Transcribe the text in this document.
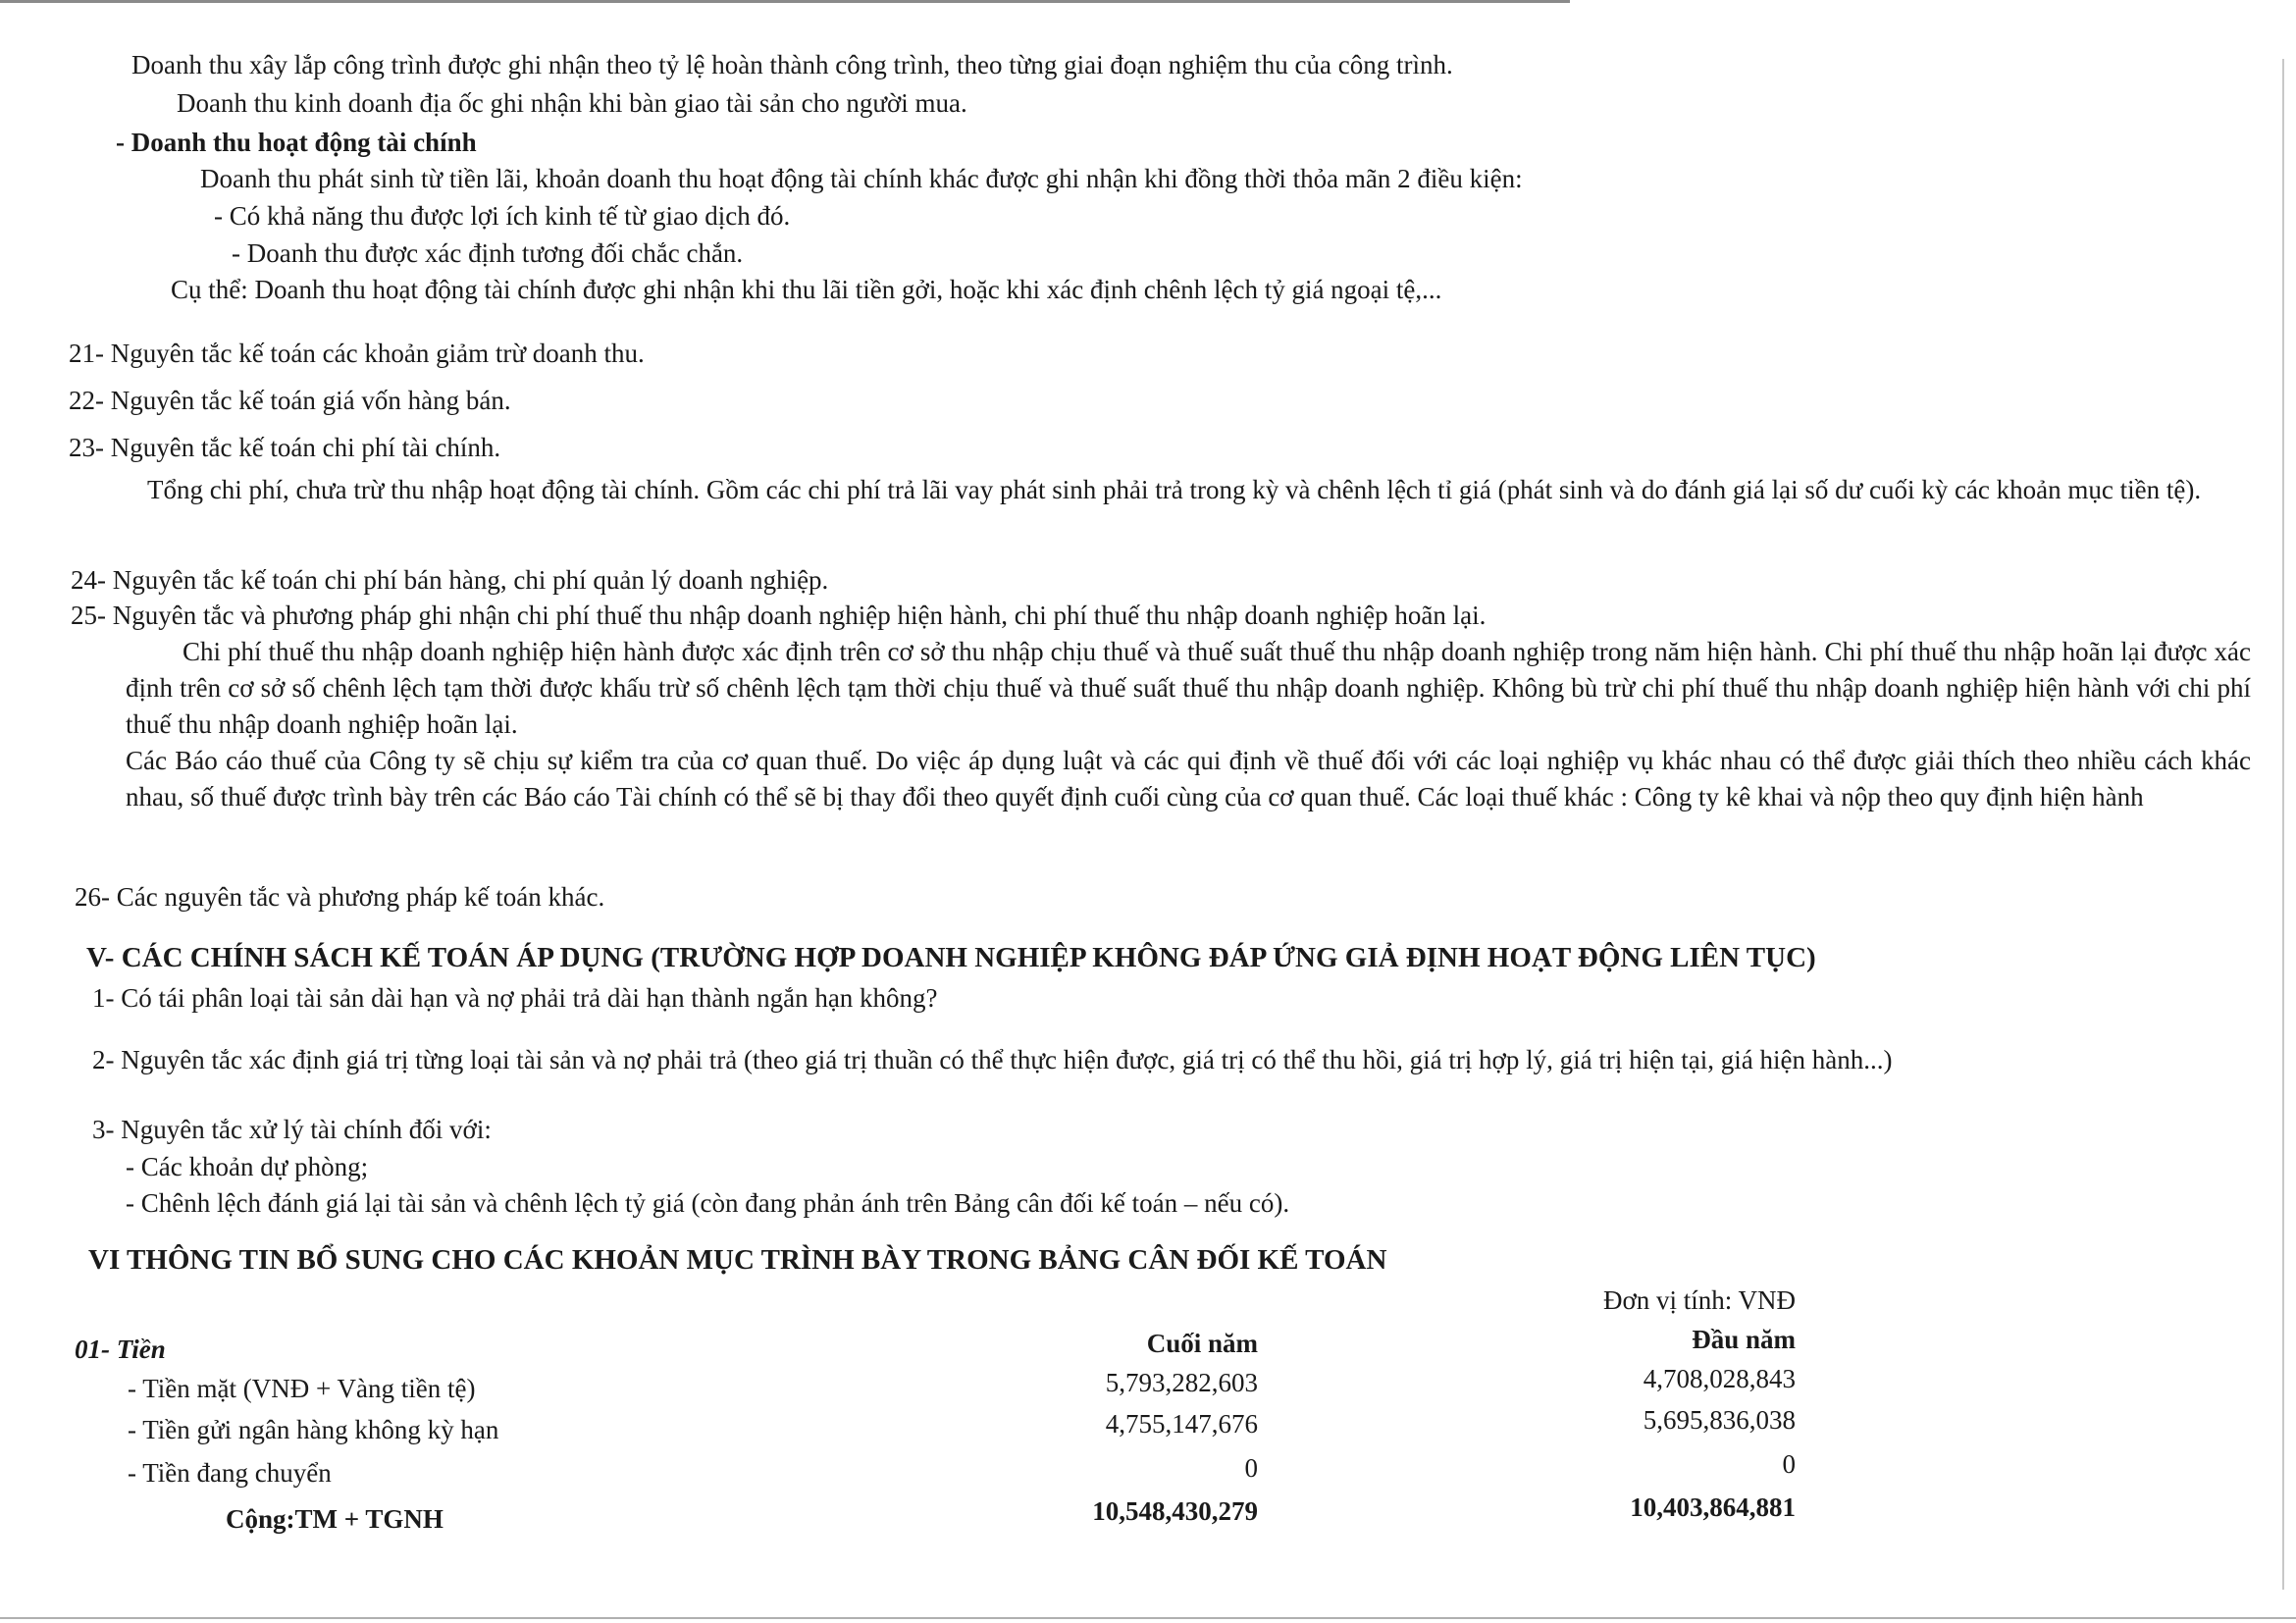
Doanh thu xây lắp công trình được ghi nhận theo tỷ lệ hoàn thành công trình, theo từng giai đoạn nghiệm thu của công trình.
Doanh thu kinh doanh địa ốc ghi nhận khi bàn giao tài sản cho người mua.
- Doanh thu hoạt động tài chính
Doanh thu phát sinh từ tiền lãi, khoản doanh thu hoạt động tài chính khác được ghi nhận khi đồng thời thỏa mãn 2 điều kiện:
- Có khả năng thu được lợi ích kinh tế từ giao dịch đó.
- Doanh thu được xác định tương đối chắc chắn.
Cụ thể: Doanh thu hoạt động tài chính được ghi nhận khi thu lãi tiền gởi, hoặc khi xác định chênh lệch tỷ giá ngoại tệ,...
21- Nguyên tắc kế toán các khoản giảm trừ doanh thu.
22- Nguyên tắc kế toán giá vốn hàng bán.
23- Nguyên tắc kế toán chi phí tài chính.
Tổng chi phí, chưa trừ thu nhập hoạt động tài chính. Gồm các chi phí trả lãi vay phát sinh phải trả trong kỳ và chênh lệch tỉ giá (phát sinh và do đánh giá lại số dư cuối kỳ các khoản mục tiền tệ).
24- Nguyên tắc kế toán chi phí bán hàng, chi phí quản lý doanh nghiệp.
25- Nguyên tắc và phương pháp ghi nhận chi phí thuế thu nhập doanh nghiệp hiện hành, chi phí thuế thu nhập doanh nghiệp hoãn lại.
Chi phí thuế thu nhập doanh nghiệp hiện hành được xác định trên cơ sở thu nhập chịu thuế và thuế suất thuế thu nhập doanh nghiệp trong năm hiện hành. Chi phí thuế thu nhập hoãn lại được xác định trên cơ sở số chênh lệch tạm thời được khấu trừ số chênh lệch tạm thời chịu thuế và thuế suất thuế thu nhập doanh nghiệp. Không bù trừ chi phí thuế thu nhập doanh nghiệp hiện hành với chi phí thuế thu nhập doanh nghiệp hoãn lại.
Các Báo cáo thuế của Công ty sẽ chịu sự kiểm tra của cơ quan thuế. Do việc áp dụng luật và các qui định về thuế đối với các loại nghiệp vụ khác nhau có thể được giải thích theo nhiều cách khác nhau, số thuế được trình bày trên các Báo cáo Tài chính có thể sẽ bị thay đổi theo quyết định cuối cùng của cơ quan thuế. Các loại thuế khác : Công ty kê khai và nộp theo quy định hiện hành
26- Các nguyên tắc và phương pháp kế toán khác.
V- CÁC CHÍNH SÁCH KẾ TOÁN ÁP DỤNG (TRƯỜNG HỢP DOANH NGHIỆP KHÔNG ĐÁP ỨNG GIẢ ĐỊNH HOẠT ĐỘNG LIÊN TỤC)
1- Có tái phân loại tài sản dài hạn và nợ phải trả dài hạn thành ngắn hạn không?
2- Nguyên tắc xác định giá trị từng loại tài sản và nợ phải trả (theo giá trị thuần có thể thực hiện được, giá trị có thể thu hồi, giá trị hợp lý, giá trị hiện tại, giá hiện hành...)
3- Nguyên tắc xử lý tài chính đối với:
- Các khoản dự phòng;
- Chênh lệch đánh giá lại tài sản và chênh lệch tỷ giá (còn đang phản ánh trên Bảng cân đối kế toán – nếu có).
VI THÔNG TIN BỔ SUNG CHO CÁC KHOẢN MỤC TRÌNH BÀY TRONG BẢNG CÂN ĐỐI KẾ TOÁN
Đơn vị tính: VNĐ
01- Tiền	Cuối năm	Đầu năm
- Tiền mặt (VNĐ + Vàng tiền tệ)	5,793,282,603	4,708,028,843
- Tiền gửi ngân hàng không kỳ hạn	4,755,147,676	5,695,836,038
- Tiền đang chuyển	0	0
Cộng:TM + TGNH	10,548,430,279	10,403,864,881
